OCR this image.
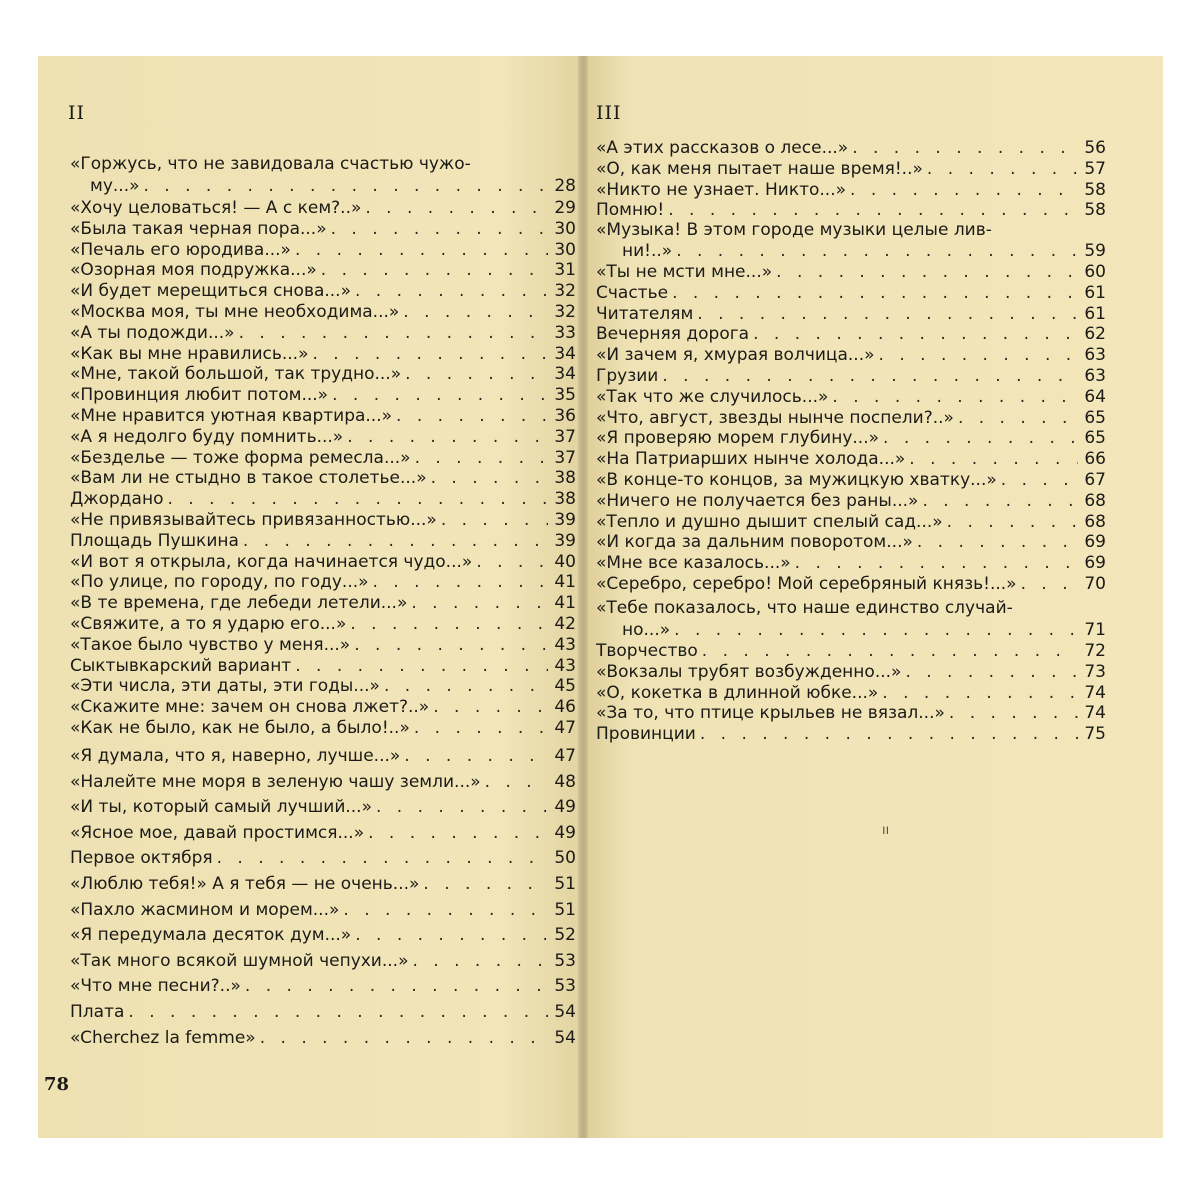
II
«Горжусь, что не завидовала счастью чужо-
му...» . . .	28
«Хочу целоваться! — А с кем?..» . . .	29
«Была такая черная пора...» . . .	30
«Печаль его юродива...» . . .	30
«Озорная моя подружка...» . . .	31
«И будет мерещиться снова...» . . .	32
«Москва моя, ты мне необходима...» . . .	32
«А ты подожди...» . . .	33
«Как вы мне нравились...» . . .	34
«Мне, такой большой, так трудно...» . . .	34
«Провинция любит потом...» . . .	35
«Мне нравится уютная квартира...» . . .	36
«А я недолго буду помнить...» . . .	37
«Безделье — тоже форма ремесла...» . . .	37
«Вам ли не стыдно в такое столетье...» . . .	38
Джордано . . .	38
«Не привязывайтесь привязанностью...» . . .	39
Площадь Пушкина . . .	39
«И вот я открыла, когда начинается чудо...» . . .	40
«По улице, по городу, по году...» . . .	41
«В те времена, где лебеди летели...» . . .	41
«Свяжите, а то я ударю его...» . . .	42
«Такое было чувство у меня...» . . .	43
Сыктывкарский вариант . . .	43
«Эти числа, эти даты, эти годы...» . . .	45
«Скажите мне: зачем он снова лжет?..» . . .	46
«Как не было, как не было, а было!..» . . .	47
«Я думала, что я, наверно, лучше...» . . .	47
«Налейте мне моря в зеленую чашу земли...» . . .	48
«И ты, который самый лучший...» . . .	49
«Ясное мое, давай простимся...» . . .	49
Первое октября . . .	50
«Люблю тебя!» А я тебя — не очень...» . . .	51
«Пахло жасмином и морем...» . . .	51
«Я передумала десяток дум...» . . .	52
«Так много всякой шумной чепухи...» . . .	53
«Что мне песни?..» . . .	53
Плата . . .	54
«Cherchez la femme» . . .	54
78
III
«А этих рассказов о лесе...» . . .	56
«О, как меня пытает наше время!..» . . .	57
«Никто не узнает. Никто...» . . .	58
Помню! . . .	58
«Музыка! В этом городе музыки целые лив-
ни!..» . . .	59
«Ты не мсти мне...» . . .	60
Счастье . . .	61
Читателям . . .	61
Вечерняя дорога . . .	62
«И зачем я, хмурая волчица...» . . .	63
Грузии . . .	63
«Так что же случилось...» . . .	64
«Что, август, звезды нынче поспели?..» . . .	65
«Я проверяю морем глубину...» . . .	65
«На Патриарших нынче холода...» . . .	66
«В конце-то концов, за мужицкую хватку...» . . .	67
«Ничего не получается без раны...» . . .	68
«Тепло и душно дышит спелый сад...» . . .	68
«И когда за дальним поворотом...» . . .	69
«Мне все казалось...» . . .	69
«Серебро, серебро! Мой серебряный князь!...» . . .	70
«Тебе показалось, что наше единство случай-
но...» . . .	71
Творчество . . .	72
«Вокзалы трубят возбужденно...» . . .	73
«О, кокетка в длинной юбке...» . . .	74
«За то, что птице крыльев не вязал...» . . .	74
Провинции . . .	75
ıı
